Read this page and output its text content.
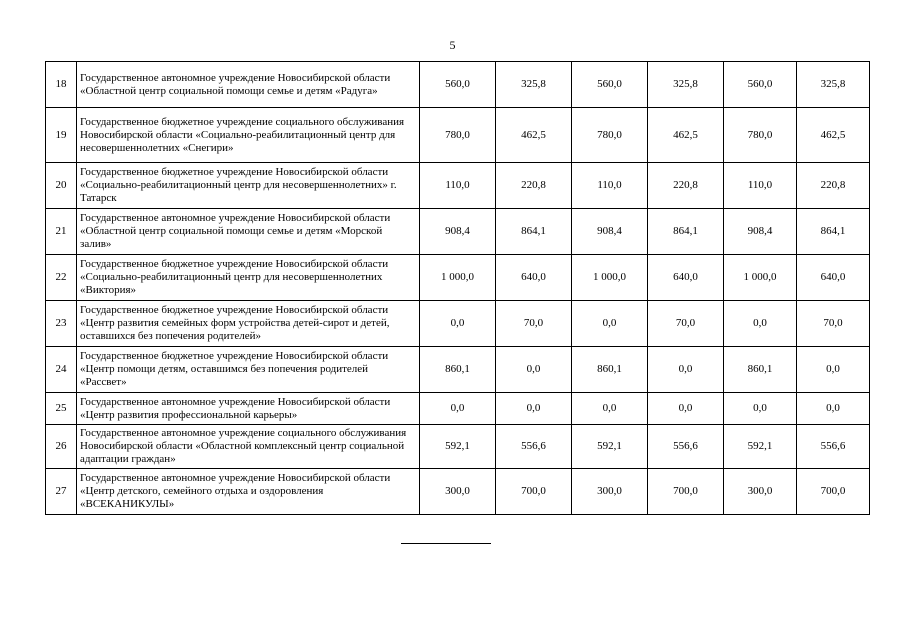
5
18	Государственное автономное учреждение Новосибирской области «Областной центр социальной помощи семье и детям «Радуга»	560,0	325,8	560,0	325,8	560,0	325,8
19	Государственное бюджетное учреждение социального обслуживания Новосибирской области «Социально-реабилитационный центр для несовершеннолетних «Снегири»	780,0	462,5	780,0	462,5	780,0	462,5
20	Государственное бюджетное учреждение Новосибирской области «Социально-реабилитационный центр для несовершеннолетних» г. Татарск	110,0	220,8	110,0	220,8	110,0	220,8
21	Государственное автономное учреждение Новосибирской области «Областной центр социальной помощи семье и детям «Морской залив»	908,4	864,1	908,4	864,1	908,4	864,1
22	Государственное бюджетное учреждение Новосибирской области «Социально-реабилитационный центр для несовершеннолетних «Виктория»	1 000,0	640,0	1 000,0	640,0	1 000,0	640,0
23	Государственное бюджетное учреждение Новосибирской области «Центр развития семейных форм устройства детей-сирот и детей, оставшихся без попечения родителей»	0,0	70,0	0,0	70,0	0,0	70,0
24	Государственное бюджетное учреждение Новосибирской области «Центр помощи детям, оставшимся без попечения родителей «Рассвет»	860,1	0,0	860,1	0,0	860,1	0,0
25	Государственное автономное учреждение Новосибирской области «Центр развития профессиональной карьеры»	0,0	0,0	0,0	0,0	0,0	0,0
26	Государственное автономное учреждение социального обслуживания Новосибирской области «Областной комплексный центр социальной адаптации граждан»	592,1	556,6	592,1	556,6	592,1	556,6
27	Государственное автономное учреждение Новосибирской области «Центр детского, семейного отдыха и оздоровления «ВСЕКАНИКУЛЫ»	300,0	700,0	300,0	700,0	300,0	700,0
